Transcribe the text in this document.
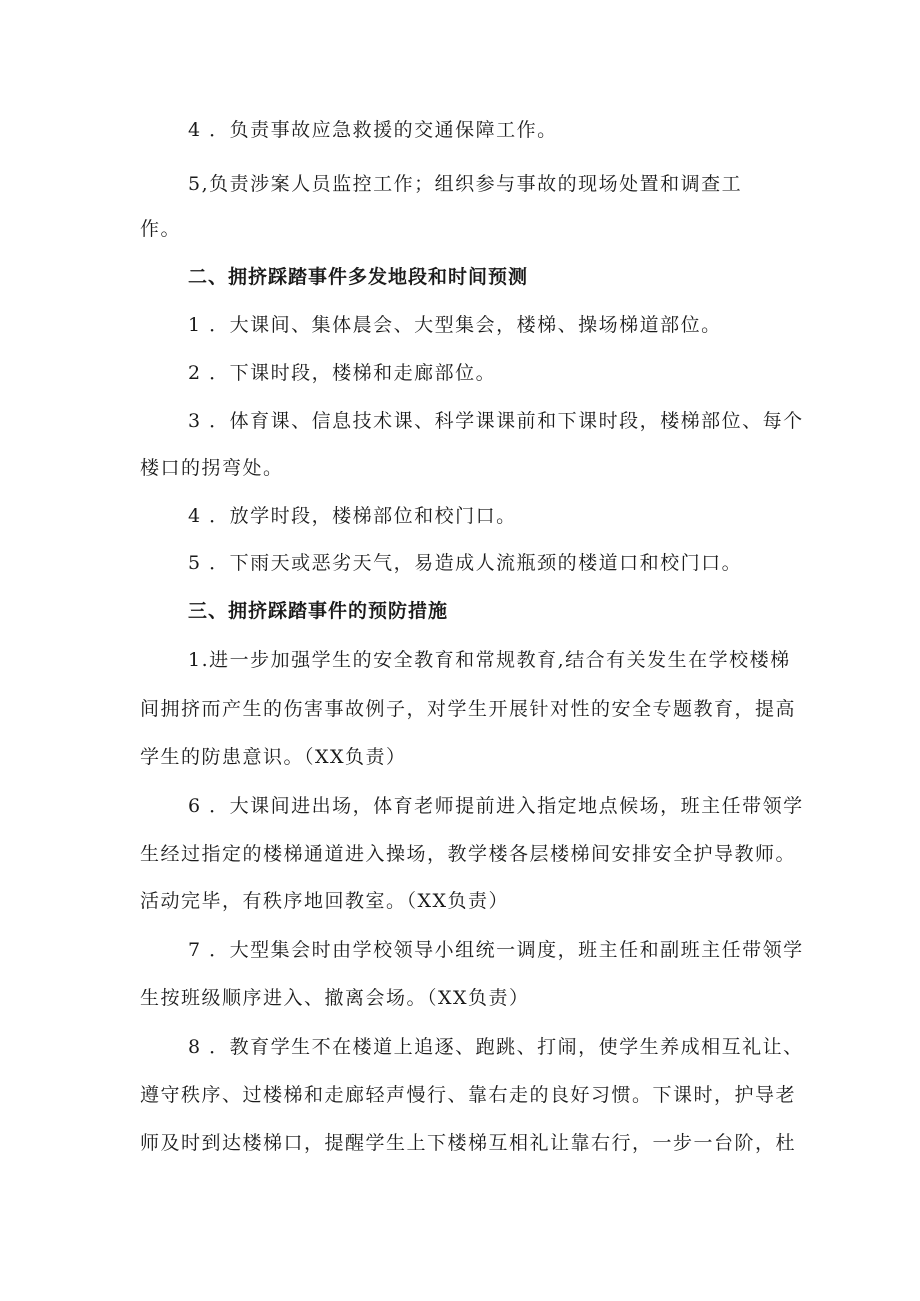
4 ．负责事故应急救援的交通保障工作。
5,负责涉案人员监控工作；组织参与事故的现场处置和调查工
作。
二、拥挤踩踏事件多发地段和时间预测
1 ．大课间、集体晨会、大型集会，楼梯、操场梯道部位。
2 ．下课时段，楼梯和走廊部位。
3 ．体育课、信息技术课、科学课课前和下课时段，楼梯部位、每个
楼口的拐弯处。
4 ．放学时段，楼梯部位和校门口。
5 ．下雨天或恶劣天气，易造成人流瓶颈的楼道口和校门口。
三、拥挤踩踏事件的预防措施
1.进一步加强学生的安全教育和常规教育,结合有关发生在学校楼梯
间拥挤而产生的伤害事故例子，对学生开展针对性的安全专题教育，提高
学生的防患意识。（XX负责）
6 ．大课间进出场，体育老师提前进入指定地点候场，班主任带领学
生经过指定的楼梯通道进入操场，教学楼各层楼梯间安排安全护导教师。
活动完毕，有秩序地回教室。（XX负责）
7 ．大型集会时由学校领导小组统一调度，班主任和副班主任带领学
生按班级顺序进入、撤离会场。（XX负责）
8 ．教育学生不在楼道上追逐、跑跳、打闹，使学生养成相互礼让、
遵守秩序、过楼梯和走廊轻声慢行、靠右走的良好习惯。下课时，护导老
师及时到达楼梯口，提醒学生上下楼梯互相礼让靠右行，一步一台阶，杜
